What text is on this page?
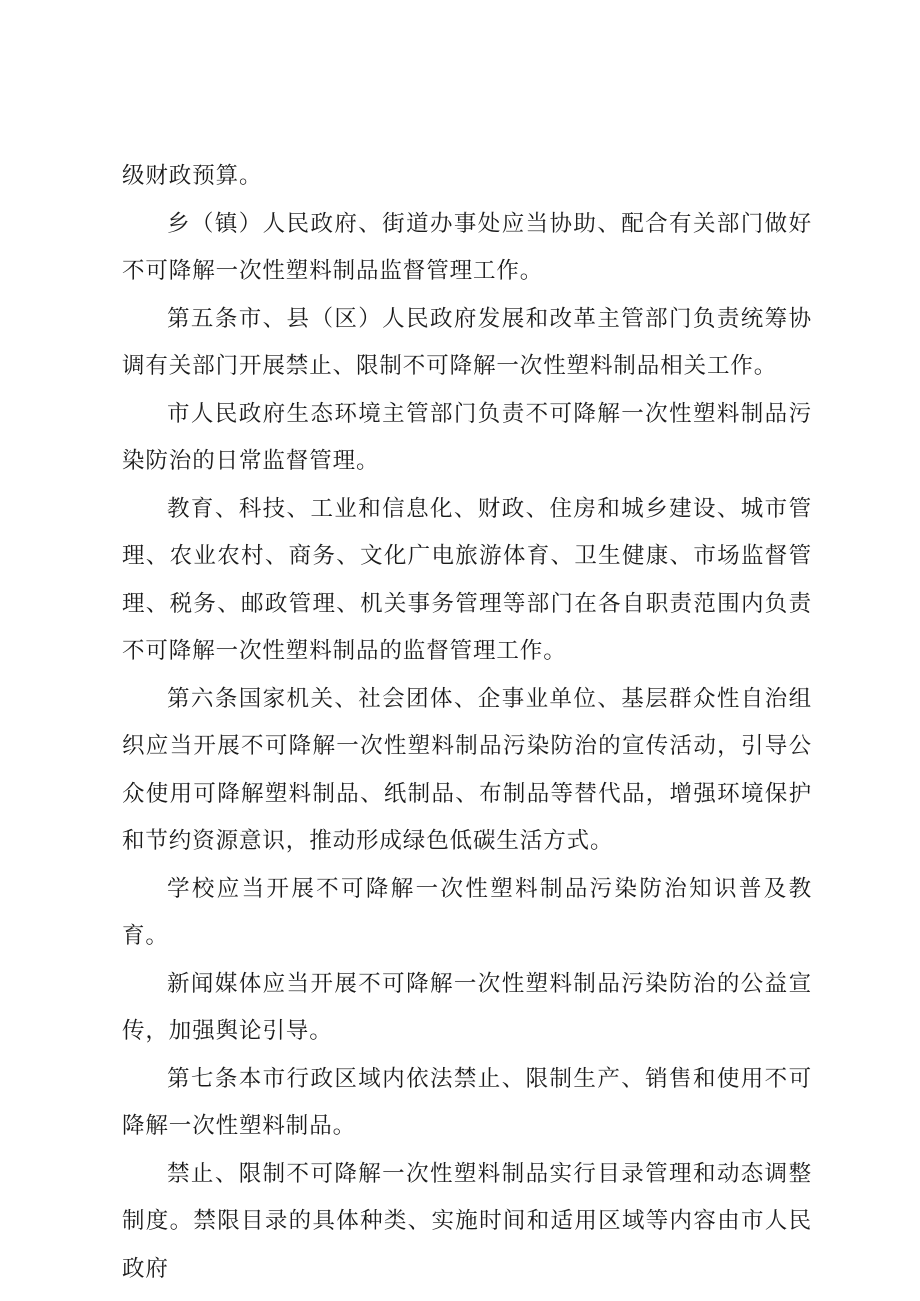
级财政预算。

乡（镇）人民政府、街道办事处应当协助、配合有关部门做好不可降解一次性塑料制品监督管理工作。

第五条市、县（区）人民政府发展和改革主管部门负责统筹协调有关部门开展禁止、限制不可降解一次性塑料制品相关工作。

市人民政府生态环境主管部门负责不可降解一次性塑料制品污染防治的日常监督管理。

教育、科技、工业和信息化、财政、住房和城乡建设、城市管理、农业农村、商务、文化广电旅游体育、卫生健康、市场监督管理、税务、邮政管理、机关事务管理等部门在各自职责范围内负责不可降解一次性塑料制品的监督管理工作。

第六条国家机关、社会团体、企事业单位、基层群众性自治组织应当开展不可降解一次性塑料制品污染防治的宣传活动，引导公众使用可降解塑料制品、纸制品、布制品等替代品，增强环境保护和节约资源意识，推动形成绿色低碳生活方式。

学校应当开展不可降解一次性塑料制品污染防治知识普及教育。

新闻媒体应当开展不可降解一次性塑料制品污染防治的公益宣传，加强舆论引导。

第七条本市行政区域内依法禁止、限制生产、销售和使用不可降解一次性塑料制品。

禁止、限制不可降解一次性塑料制品实行目录管理和动态调整制度。禁限目录的具体种类、实施时间和适用区域等内容由市人民政府
